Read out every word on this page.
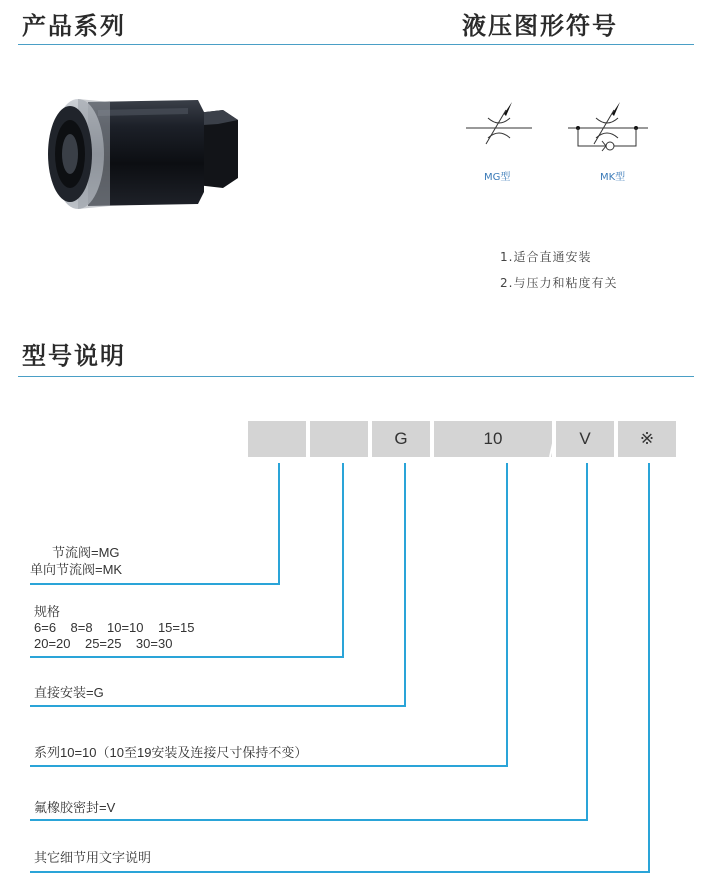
产品系列	液压图形符号
MG型	MK型
1.适合直通安装
2.与压力和粘度有关
型号说明
G	10	V	※
节流阀=MG
单向节流阀=MK
规格
6=6    8=8    10=10    15=15
20=20    25=25    30=30
直接安装=G
系列10=10（10至19安装及连接尺寸保持不变）
氟橡胶密封=V
其它细节用文字说明
